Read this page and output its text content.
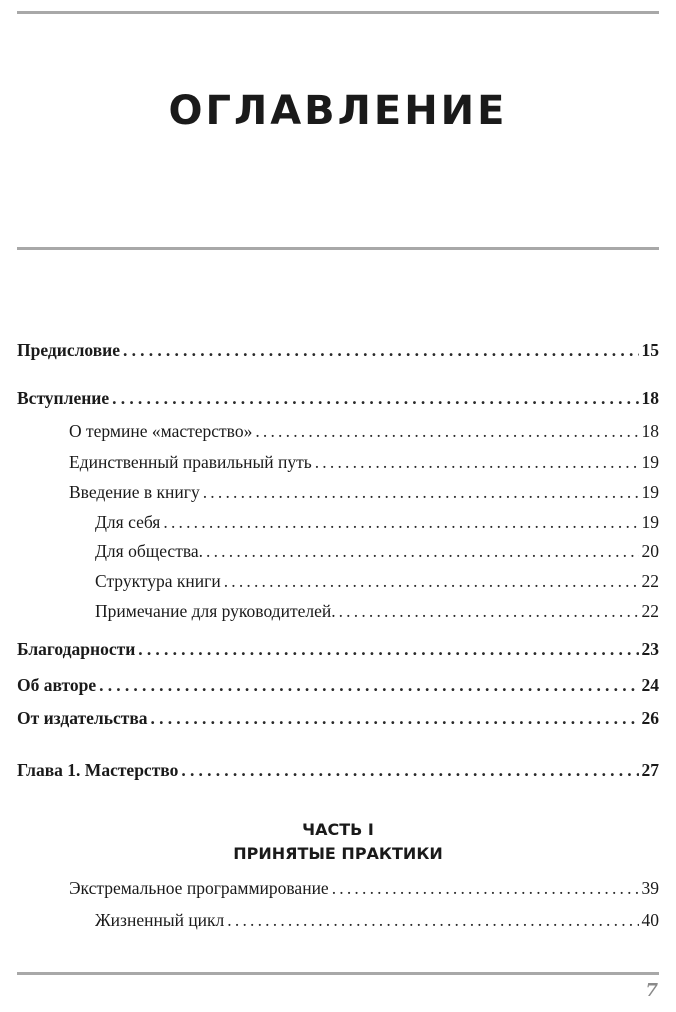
ОГЛАВЛЕНИЕ
Предисловие .....	15
Вступление .....	18
О термине «мастерство» .....	18
Единственный правильный путь .....	19
Введение в книгу .....	19
Для себя .....	19
Для общества. .....	20
Структура книги .....	22
Примечание для руководителей. .....	22
Благодарности .....	23
Об авторе .....	24
От издательства .....	26
Глава 1. Мастерство .....	27
ЧАСТЬ I
ПРИНЯТЫЕ ПРАКТИКИ
Экстремальное программирование .....	39
Жизненный цикл .....	40
7
